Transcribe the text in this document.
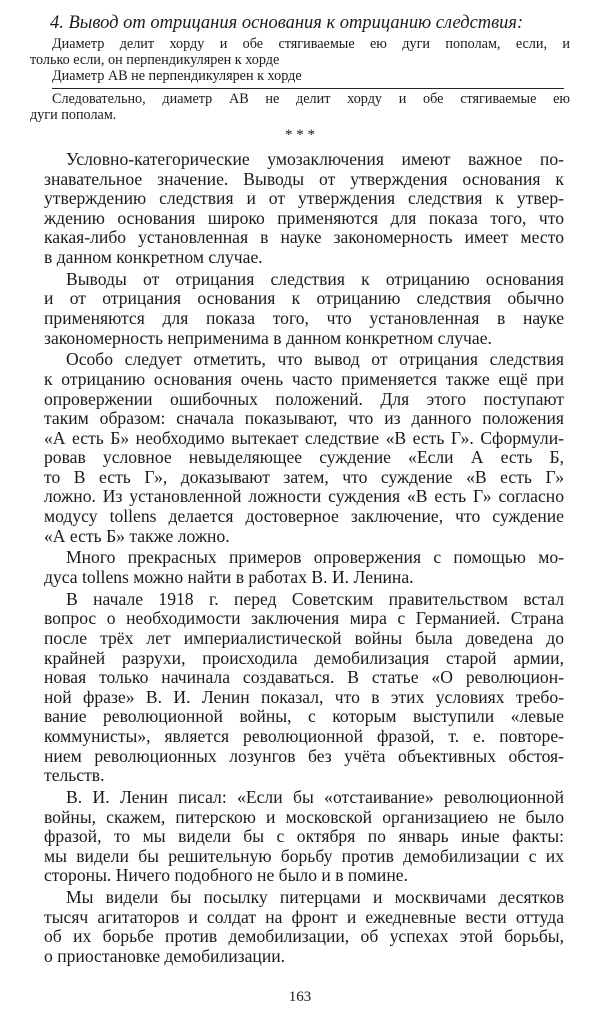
4. Вывод от отрицания основания к отрицанию следствия:
Диаметр делит хорду и обе стягиваемые ею дуги пополам, если, и
только если, он перпендикулярен к хорде
Диаметр AB не перпендикулярен к хорде
Следовательно, диаметр AB не делит хорду и обе стягиваемые ею
дуги пополам.
* * *
Условно-категорические умозаключения имеют важное по-
знавательное значение. Выводы от утверждения основания к
утверждению следствия и от утверждения следствия к утвер-
ждению основания широко применяются для показа того, что
какая-либо установленная в науке закономерность имеет место
в данном конкретном случае.
Выводы от отрицания следствия к отрицанию основания
и от отрицания основания к отрицанию следствия обычно
применяются для показа того, что установленная в науке
закономерность неприменима в данном конкретном случае.
Особо следует отметить, что вывод от отрицания следствия
к отрицанию основания очень часто применяется также ещё при
опровержении ошибочных положений. Для этого поступают
таким образом: сначала показывают, что из данного положения
«А есть Б» необходимо вытекает следствие «В есть Г». Сформули-
ровав условное невыделяющее суждение «Если А есть Б,
то В есть Г», доказывают затем, что суждение «В есть Г»
ложно. Из установленной ложности суждения «В есть Г» согласно
модусу tollens делается достоверное заключение, что суждение
«А есть Б» также ложно.
Много прекрасных примеров опровержения с помощью мо-
дуса tollens можно найти в работах В. И. Ленина.
В начале 1918 г. перед Советским правительством встал
вопрос о необходимости заключения мира с Германией. Страна
после трёх лет империалистической войны была доведена до
крайней разрухи, происходила демобилизация старой армии,
новая только начинала создаваться. В статье «О революцион-
ной фразе» В. И. Ленин показал, что в этих условиях требо-
вание революционной войны, с которым выступили «левые
коммунисты», является революционной фразой, т. е. повторе-
нием революционных лозунгов без учёта объективных обстоя-
тельств.
В. И. Ленин писал: «Если бы «отстаивание» революционной
войны, скажем, питерскою и московской организациею не было
фразой, то мы видели бы с октября по январь иные факты:
мы видели бы решительную борьбу против демобилизации с их
стороны. Ничего подобного не было и в помине.
Мы видели бы посылку питерцами и москвичами десятков
тысяч агитаторов и солдат на фронт и ежедневные вести оттуда
об их борьбе против демобилизации, об успехах этой борьбы,
о приостановке демобилизации.
163
